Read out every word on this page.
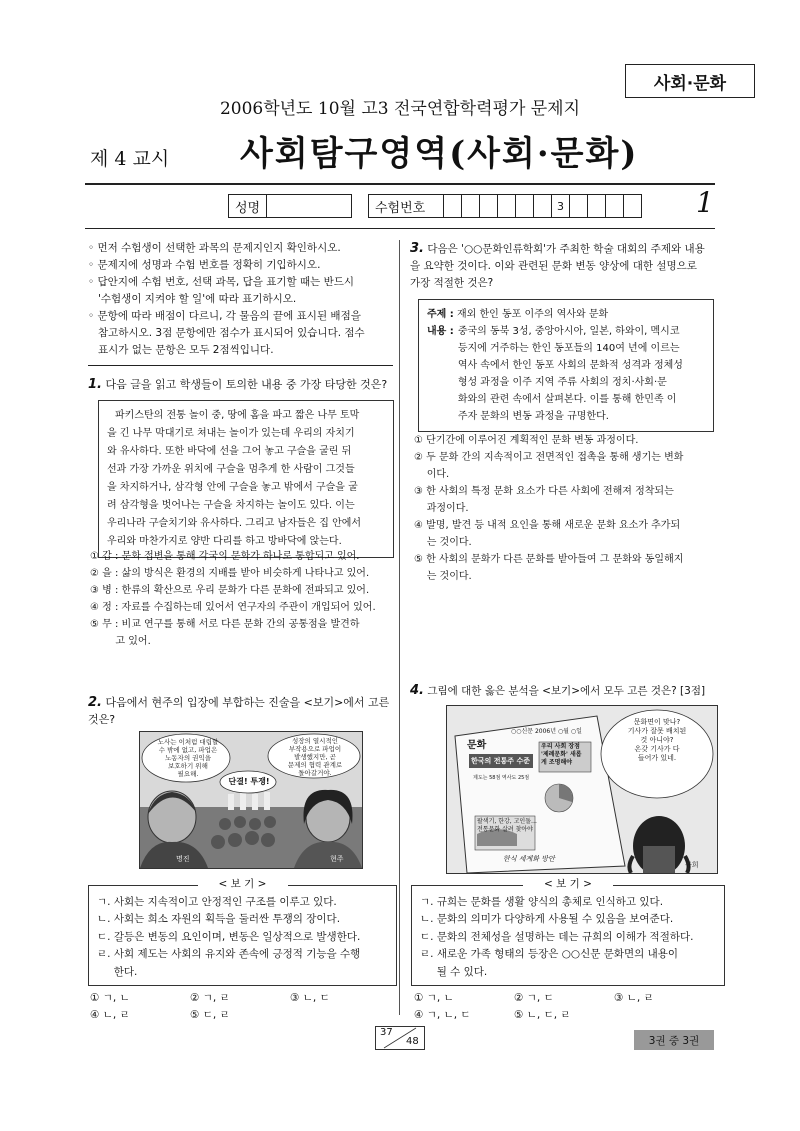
사회·문화
2006학년도 10월 고3 전국연합학력평가 문제지
제 4 교시 사회탐구영역(사회·문화)
성명	수험번호	3	1

◦ 먼저 수험생이 선택한 과목의 문제지인지 확인하시오.

◦ 문제지에 성명과 수험 번호를 정확히 기입하시오.

◦ 답안지에 수험 번호, 선택 과목, 답을 표기할 때는 반드시

'수험생이 지켜야 할 일'에 따라 표기하시오.

◦ 문항에 따라 배점이 다르니, 각 물음의 끝에 표시된 배점을

참고하시오. 3점 문항에만 점수가 표시되어 있습니다. 점수

표시가 없는 문항은 모두 2점씩입니다.

1. 다음 글을 읽고 학생들이 토의한 내용 중 가장 타당한 것은?
파키스탄의 전통 놀이 중, 땅에 홈을 파고 짧은 나무 토막
을 긴 나무 막대기로 쳐내는 놀이가 있는데 우리의 자치기
와 유사하다. 또한 바닥에 선을 그어 놓고 구슬을 굴린 뒤
선과 가장 가까운 위치에 구슬을 멈추게 한 사람이 그것들
을 차지하거나, 삼각형 안에 구슬을 놓고 밖에서 구슬을 굴
려 삼각형을 벗어나는 구슬을 차지하는 놀이도 있다. 이는
우리나라 구슬치기와 유사하다. 그리고 남자들은 집 안에서
우리와 마찬가지로 양반 다리를 하고 방바닥에 앉는다.
① 갑 : 문화 접변을 통해 각국의 문화가 하나로 통합되고 있어.
② 을 : 삶의 방식은 환경의 지배를 받아 비슷하게 나타나고 있어.
③ 병 : 한류의 확산으로 우리 문화가 다른 문화에 전파되고 있어.
④ 정 : 자료를 수집하는데 있어서 연구자의 주관이 개입되어 있어.
⑤ 무 : 비교 연구를 통해 서로 다른 문화 간의 공통점을 발견하
고 있어.
2. 다음에서 현주의 입장에 부합하는 진술을 <보기>에서 고른
것은?
노사는 이처럼 대립할
수 밖에 없고, 파업은
노동자의 권익을
보호하기 위해
필요해.
단결! 투쟁!
성장의 열시적인
부작용으로 파업이
발생했지만, 곧
문제의 협력 관계로
돌아갈거야.
명진	현주
< 보 기 >
ㄱ. 사회는 지속적이고 안정적인 구조를 이루고 있다.
ㄴ. 사회는 희소 자원의 획득을 둘러싼 투쟁의 장이다.
ㄷ. 갈등은 변동의 요인이며, 변동은 일상적으로 발생한다.
ㄹ. 사회 제도는 사회의 유지와 존속에 긍정적 기능을 수행
한다.
① ㄱ, ㄴ	② ㄱ, ㄹ	③ ㄴ, ㄷ
④ ㄴ, ㄹ	⑤ ㄷ, ㄹ
3. 다음은 '○○문화인류학회'가 주최한 학술 대회의 주제와 내용
을 요약한 것이다. 이와 관련된 문화 변동 양상에 대한 설명으로
가장 적절한 것은?
주제 : 재외 한인 동포 이주의 역사와 문화
내용 : 중국의 동북 3성, 중앙아시아, 일본, 하와이, 멕시코
등지에 거주하는 한인 동포들의 140여 년에 이르는
역사 속에서 한인 동포 사회의 문화적 성격과 정체성
형성 과정을 이주 지역 주류 사회의 정치·사회·문
화와의 관련 속에서 살펴본다. 이를 통해 한민족 이
주자 문화의 변동 과정을 규명한다.
① 단기간에 이루어진 계획적인 문화 변동 과정이다.
② 두 문화 간의 지속적이고 전면적인 접촉을 통해 생기는 변화
이다.
③ 한 사회의 특정 문화 요소가 다른 사회에 전해져 정착되는
과정이다.
④ 발명, 발견 등 내적 요인을 통해 새로운 문화 요소가 추가되
는 것이다.
⑤ 한 사회의 문화가 다른 문화를 받아들여 그 문화와 동일해지
는 것이다.
4. 그림에 대한 옳은 분석을 <보기>에서 모두 고른 것은? [3점]
○○신문 2006년 ○월 ○일
문화
한국의 전통주 수준
우리 사회 장점
'제례문화' 새롭
게 조명해야
제도는 58점 역사도 25점
팔색기, 한강, 고인돌…
전통문화 살려 찾아야
한식 세계화 방안
문화면이 맞나?
기사가 잘못 배치된
것 아니야?
온갖 기사가 다
들어가 있네.
규희
< 보 기 >
ㄱ. 규희는 문화를 생활 양식의 총체로 인식하고 있다.
ㄴ. 문화의 의미가 다양하게 사용될 수 있음을 보여준다.
ㄷ. 문화의 전체성을 설명하는 데는 규희의 이해가 적절하다.
ㄹ. 새로운 가족 형태의 등장은 ○○신문 문화면의 내용이
될 수 있다.
① ㄱ, ㄴ	② ㄱ, ㄷ	③ ㄴ, ㄹ
④ ㄱ, ㄴ, ㄷ	⑤ ㄴ, ㄷ, ㄹ
37
48	3권 중 3권
